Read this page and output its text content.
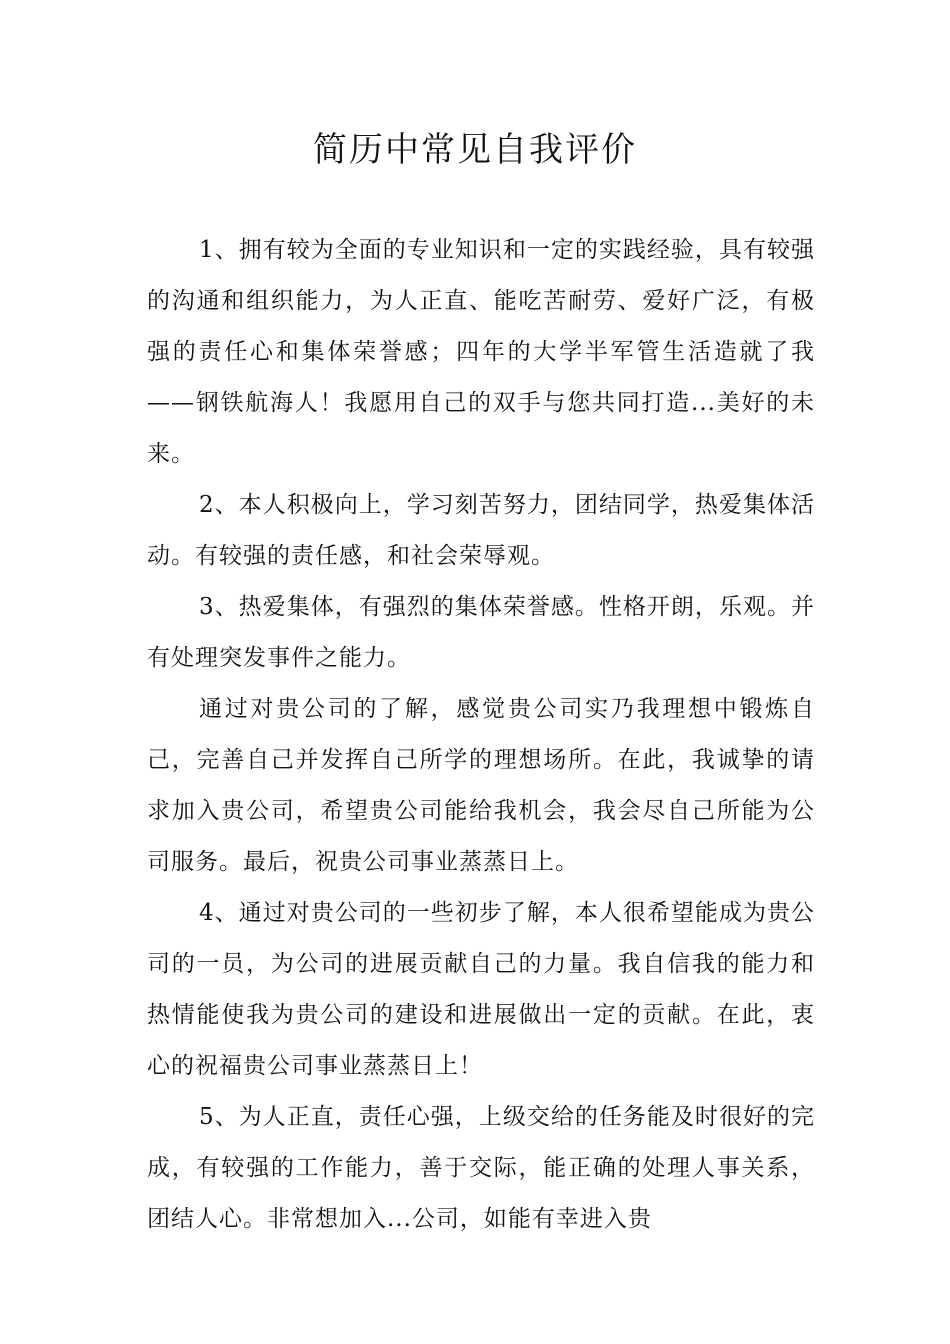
简历中常见自我评价

1、拥有较为全面的专业知识和一定的实践经验，具有较强的沟通和组织能力，为人正直、能吃苦耐劳、爱好广泛，有极强的责任心和集体荣誉感；四年的大学半军管生活造就了我——钢铁航海人！我愿用自己的双手与您共同打造...美好的未来。

2、本人积极向上，学习刻苦努力，团结同学，热爱集体活动。有较强的责任感，和社会荣辱观。

3、热爱集体，有强烈的集体荣誉感。性格开朗，乐观。并有处理突发事件之能力。

通过对贵公司的了解，感觉贵公司实乃我理想中锻炼自己，完善自己并发挥自己所学的理想场所。在此，我诚挚的请求加入贵公司，希望贵公司能给我机会，我会尽自己所能为公司服务。最后，祝贵公司事业蒸蒸日上。

4、通过对贵公司的一些初步了解，本人很希望能成为贵公司的一员，为公司的进展贡献自己的力量。我自信我的能力和热情能使我为贵公司的建设和进展做出一定的贡献。在此，衷心的祝福贵公司事业蒸蒸日上！

5、为人正直，责任心强，上级交给的任务能及时很好的完成，有较强的工作能力，善于交际，能正确的处理人事关系，团结人心。非常想加入...公司，如能有幸进入贵
